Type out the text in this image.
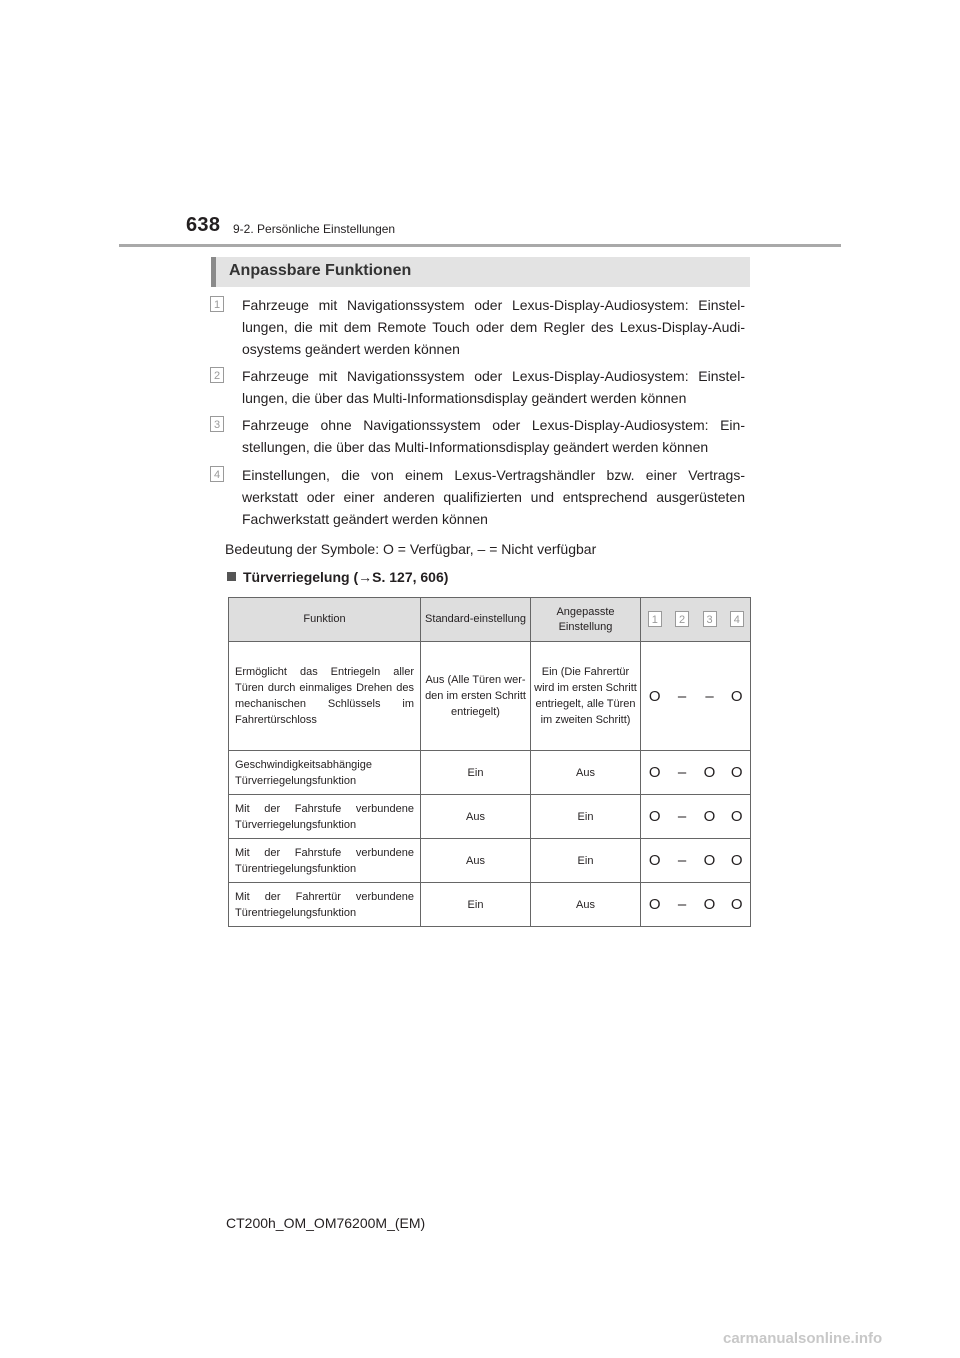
638 9-2. Persönliche Einstellungen
Anpassbare Funktionen
1 Fahrzeuge mit Navigationssystem oder Lexus-Display-Audiosystem: Einstel-lungen, die mit dem Remote Touch oder dem Regler des Lexus-Display-Audi-osystems geändert werden können
2 Fahrzeuge mit Navigationssystem oder Lexus-Display-Audiosystem: Einstel-lungen, die über das Multi-Informationsdisplay geändert werden können
3 Fahrzeuge ohne Navigationssystem oder Lexus-Display-Audiosystem: Ein-stellungen, die über das Multi-Informationsdisplay geändert werden können
4 Einstellungen, die von einem Lexus-Vertragshändler bzw. einer Vertrags-werkstatt oder einer anderen qualifizierten und entsprechend ausgerüsteten Fachwerkstatt geändert werden können
Bedeutung der Symbole: O = Verfügbar, – = Nicht verfügbar
Türverriegelung (→S. 127, 606)
Funktion	Standard-einstellung	Angepasste Einstellung	1	2	3	4
Ermöglicht das Entriegeln aller Türen durch einmaliges Drehen des mechanischen Schlüssels im Fahrertürschloss	Aus (Alle Türen wer-den im ersten Schritt entriegelt)	Ein (Die Fahrertür wird im ersten Schritt entriegelt, alle Türen im zweiten Schritt)	O	–	–	O
Geschwindigkeitsabhängige Türverriegelungsfunktion	Ein	Aus	O	–	O	O
Mit der Fahrstufe verbundene Türverriegelungsfunktion	Aus	Ein	O	–	O	O
Mit der Fahrstufe verbundene Türentriegelungsfunktion	Aus	Ein	O	–	O	O
Mit der Fahrertür verbundene Türentriegelungsfunktion	Ein	Aus	O	–	O	O
CT200h_OM_OM76200M_(EM)
carmanualsonline.info
